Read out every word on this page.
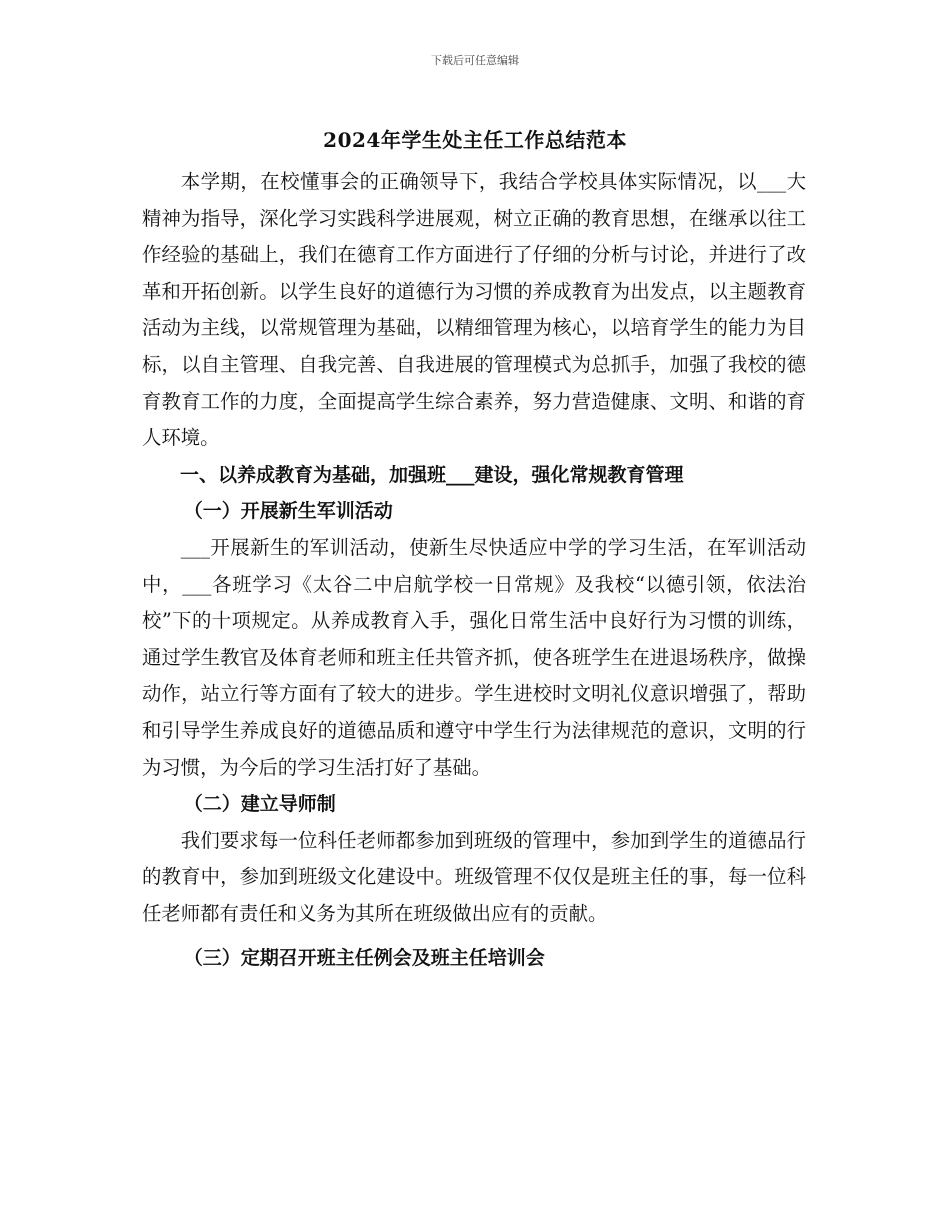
下载后可任意编辑
2024年学生处主任工作总结范本

本学期，在校懂事会的正确领导下，我结合学校具体实际情况，以___大精神为指导，深化学习实践科学进展观，树立正确的教育思想，在继承以往工作经验的基础上，我们在德育工作方面进行了仔细的分析与讨论，并进行了改革和开拓创新。以学生良好的道德行为习惯的养成教育为出发点，以主题教育活动为主线，以常规管理为基础，以精细管理为核心，以培育学生的能力为目标，以自主管理、自我完善、自我进展的管理模式为总抓手，加强了我校的德育教育工作的力度，全面提高学生综合素养，努力营造健康、文明、和谐的育人环境。

一、以养成教育为基础，加强班___建设，强化常规教育管理

（一）开展新生军训活动

___开展新生的军训活动，使新生尽快适应中学的学习生活，在军训活动中，___各班学习《太谷二中启航学校一日常规》及我校“以德引领，依法治校”下的十项规定。从养成教育入手，强化日常生活中良好行为习惯的训练，通过学生教官及体育老师和班主任共管齐抓，使各班学生在进退场秩序，做操动作，站立行等方面有了较大的进步。学生进校时文明礼仪意识增强了，帮助和引导学生养成良好的道德品质和遵守中学生行为法律规范的意识，文明的行为习惯，为今后的学习生活打好了基础。

（二）建立导师制

我们要求每一位科任老师都参加到班级的管理中，参加到学生的道德品行的教育中，参加到班级文化建设中。班级管理不仅仅是班主任的事，每一位科任老师都有责任和义务为其所在班级做出应有的贡献。

（三）定期召开班主任例会及班主任培训会
